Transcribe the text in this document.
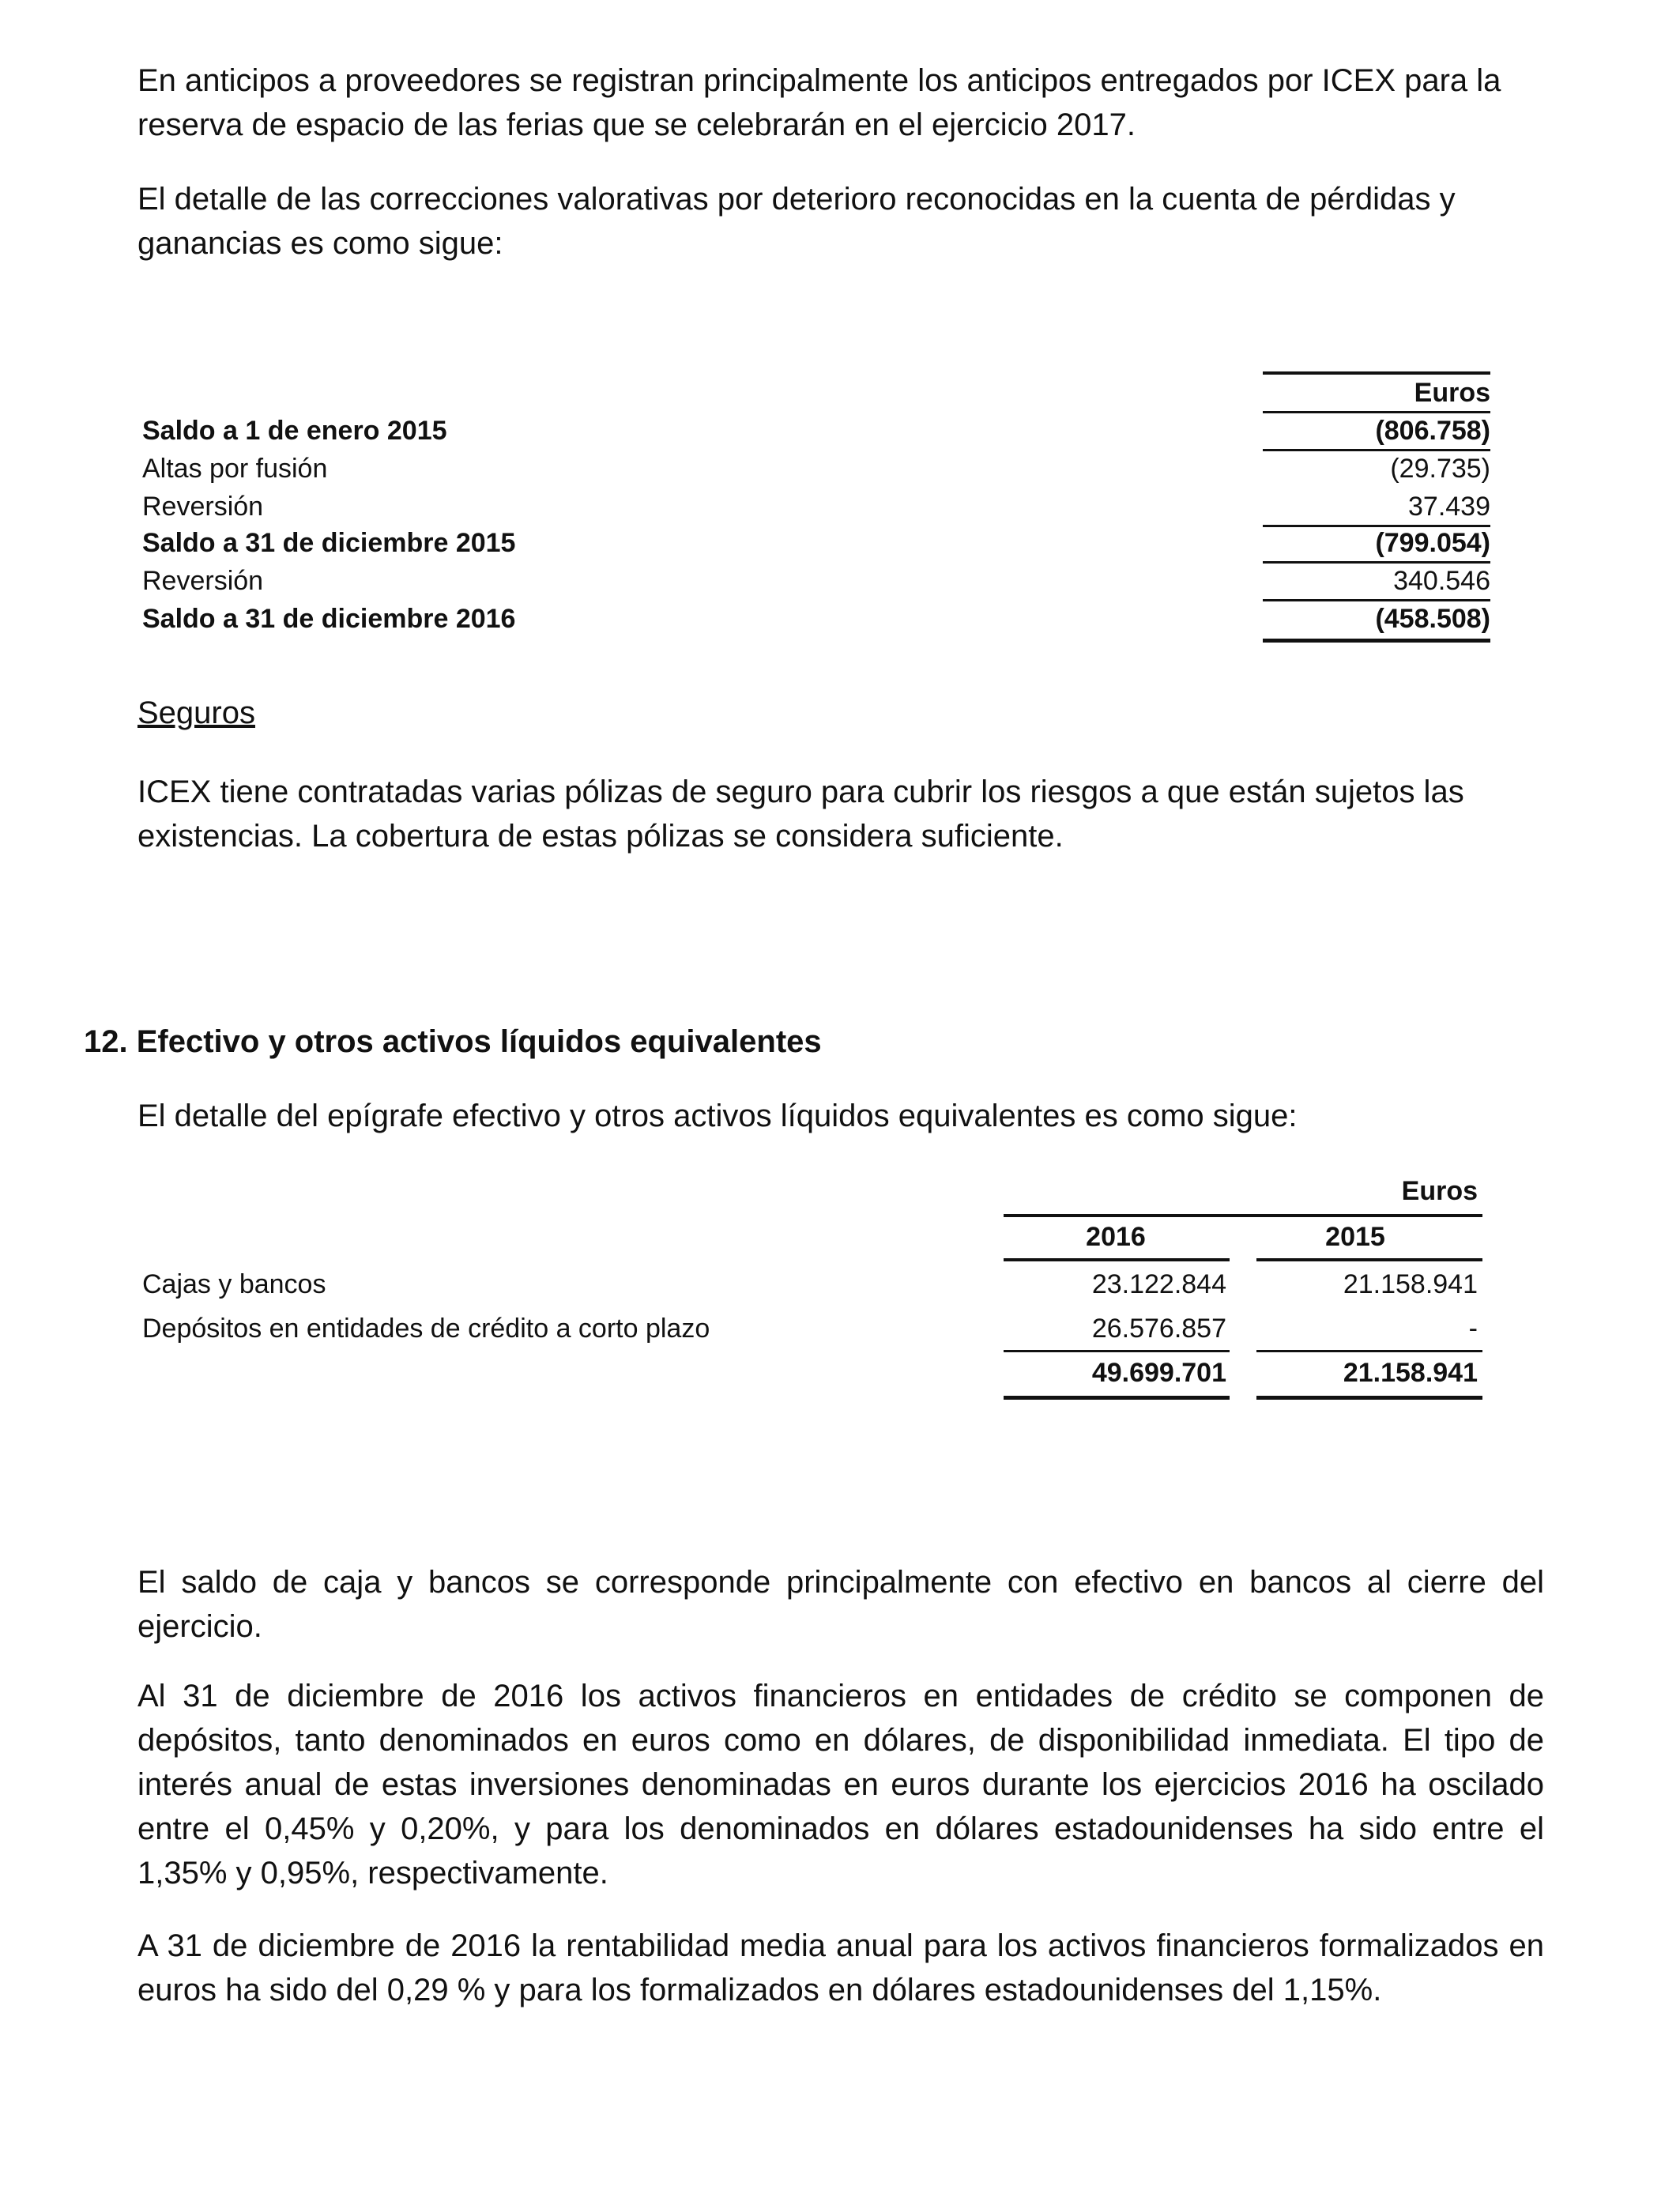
En anticipos a proveedores se registran principalmente los anticipos entregados por ICEX para la reserva de espacio de las ferias que se celebrarán en el ejercicio 2017.

El detalle de las correcciones valorativas por deterioro reconocidas en la cuenta de pérdidas y ganancias es como sigue:

Euros
Saldo a 1 de enero 2015	(806.758)
Altas por fusión	(29.735)
Reversión	37.439
Saldo a 31 de diciembre 2015	(799.054)
Reversión	340.546
Saldo a 31 de diciembre 2016	(458.508)

Seguros

ICEX tiene contratadas varias pólizas de seguro para cubrir los riesgos a que están sujetos las existencias. La cobertura de estas pólizas se considera suficiente.

12. Efectivo y otros activos líquidos equivalentes

El detalle del epígrafe efectivo y otros activos líquidos equivalentes es como sigue:

Euros
2016	2015
Cajas y bancos	23.122.844	21.158.941
Depósitos en entidades de crédito a corto plazo	26.576.857	-
49.699.701	21.158.941

El saldo de caja y bancos se corresponde principalmente con efectivo en bancos al cierre del ejercicio.

Al 31 de diciembre de 2016 los activos financieros en entidades de crédito se componen de depósitos, tanto denominados en euros como en dólares, de disponibilidad inmediata. El tipo de interés anual de estas inversiones denominadas en euros durante los ejercicios 2016 ha oscilado entre el 0,45% y 0,20%, y para los denominados en dólares estadounidenses ha sido entre el 1,35% y 0,95%, respectivamente.

A 31 de diciembre de 2016 la rentabilidad media anual para los activos financieros formalizados en euros ha sido del 0,29 % y para los formalizados en dólares estadounidenses del 1,15%.
